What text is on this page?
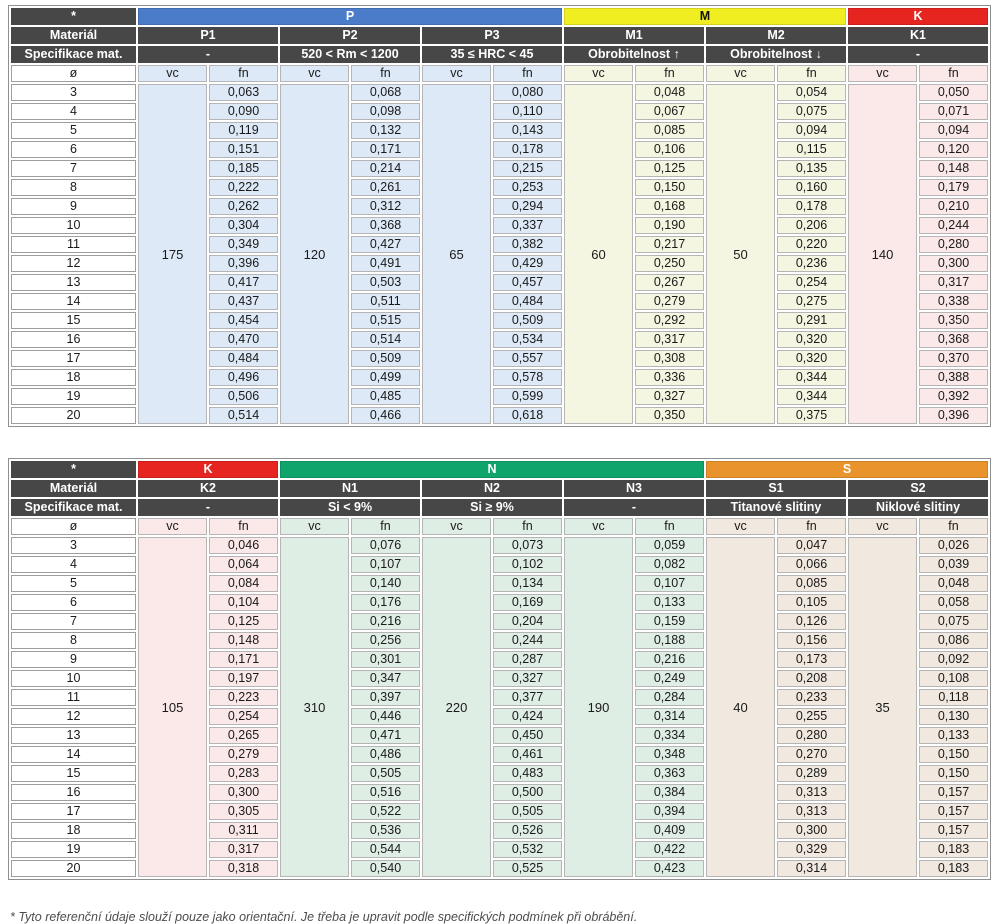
*	P						M				K	
Materiál	P1		P2		P3		M1		M2		K1	
Specifikace mat.	-		520 < Rm < 1200		35 ≤ HRC < 45		Obrobitelnost ↑		Obrobitelnost ↓		-	
ø	vc	fn	vc	fn	vc	fn	vc	fn	vc	fn	vc	fn
3	175	0,063	120	0,068	65	0,080	60	0,048	50	0,054	140	0,050
4		0,090		0,098		0,110		0,067		0,075		0,071
5		0,119		0,132		0,143		0,085		0,094		0,094
6		0,151		0,171		0,178		0,106		0,115		0,120
7		0,185		0,214		0,215		0,125		0,135		0,148
8		0,222		0,261		0,253		0,150		0,160		0,179
9		0,262		0,312		0,294		0,168		0,178		0,210
10		0,304		0,368		0,337		0,190		0,206		0,244
11		0,349		0,427		0,382		0,217		0,220		0,280
12		0,396		0,491		0,429		0,250		0,236		0,300
13		0,417		0,503		0,457		0,267		0,254		0,317
14		0,437		0,511		0,484		0,279		0,275		0,338
15		0,454		0,515		0,509		0,292		0,291		0,350
16		0,470		0,514		0,534		0,317		0,320		0,368
17		0,484		0,509		0,557		0,308		0,320		0,370
18		0,496		0,499		0,578		0,336		0,344		0,388
19		0,506		0,485		0,599		0,327		0,344		0,392
20		0,514		0,466		0,618		0,350		0,375		0,396
*	K		N						S			
Materiál	K2		N1		N2		N3		S1		S2	
Specifikace mat.	-		Si < 9%		Si ≥ 9%		-		Titanové slitiny		Niklové slitiny	
ø	vc	fn	vc	fn	vc	fn	vc	fn	vc	fn	vc	fn
3	105	0,046	310	0,076	220	0,073	190	0,059	40	0,047	35	0,026
4		0,064		0,107		0,102		0,082		0,066		0,039
5		0,084		0,140		0,134		0,107		0,085		0,048
6		0,104		0,176		0,169		0,133		0,105		0,058
7		0,125		0,216		0,204		0,159		0,126		0,075
8		0,148		0,256		0,244		0,188		0,156		0,086
9		0,171		0,301		0,287		0,216		0,173		0,092
10		0,197		0,347		0,327		0,249		0,208		0,108
11		0,223		0,397		0,377		0,284		0,233		0,118
12		0,254		0,446		0,424		0,314		0,255		0,130
13		0,265		0,471		0,450		0,334		0,280		0,133
14		0,279		0,486		0,461		0,348		0,270		0,150
15		0,283		0,505		0,483		0,363		0,289		0,150
16		0,300		0,516		0,500		0,384		0,313		0,157
17		0,305		0,522		0,505		0,394		0,313		0,157
18		0,311		0,536		0,526		0,409		0,300		0,157
19		0,317		0,544		0,532		0,422		0,329		0,183
20		0,318		0,540		0,525		0,423		0,314		0,183

* Tyto referenční údaje slouží pouze jako orientační. Je třeba je upravit podle specifických podmínek při obrábění.
